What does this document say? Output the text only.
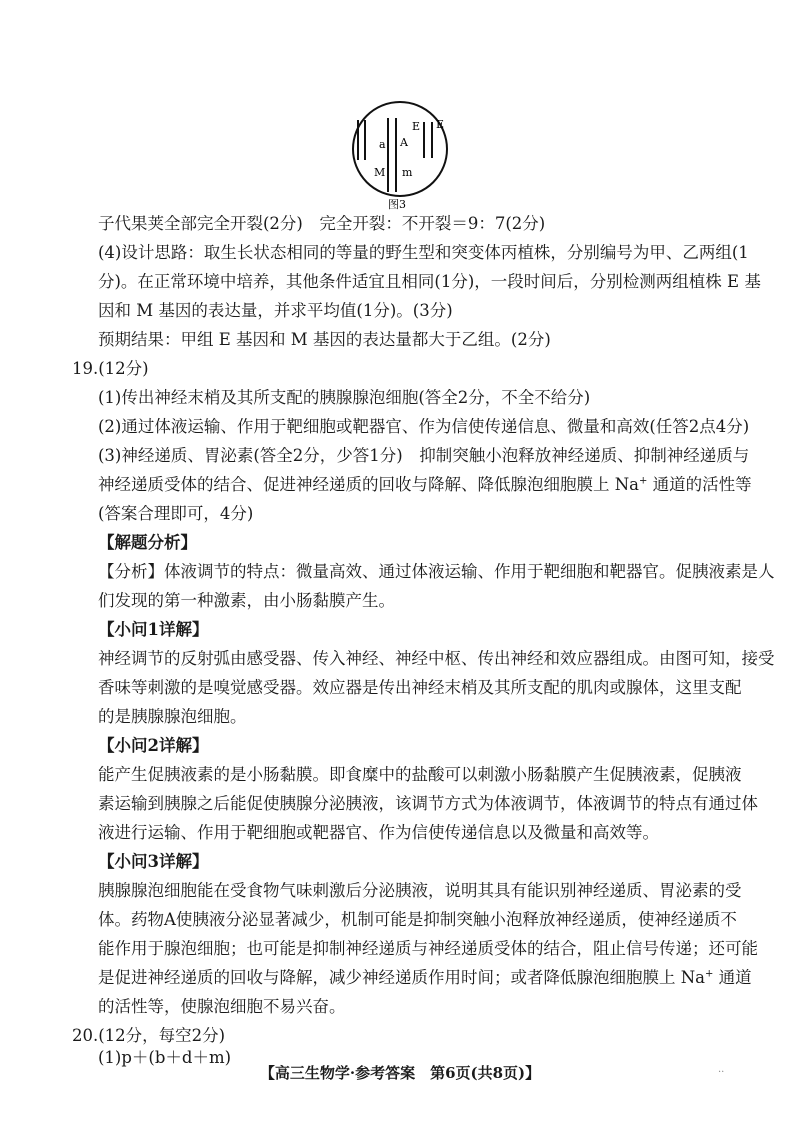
a A
E E
M m
图3
子代果荚全部完全开裂(2分)　完全开裂：不开裂＝9：7(2分)
(4)设计思路：取生长状态相同的等量的野生型和突变体丙植株，分别编号为甲、乙两组(1
分)。在正常环境中培养，其他条件适宜且相同(1分)，一段时间后，分别检测两组植株 E 基
因和 M 基因的表达量，并求平均值(1分)。(3分)
预期结果：甲组 E 基因和 M 基因的表达量都大于乙组。(2分)
19.(12分)
(1)传出神经末梢及其所支配的胰腺腺泡细胞(答全2分，不全不给分)
(2)通过体液运输、作用于靶细胞或靶器官、作为信使传递信息、微量和高效(任答2点4分)
(3)神经递质、胃泌素(答全2分，少答1分)　抑制突触小泡释放神经递质、抑制神经递质与
神经递质受体的结合、促进神经递质的回收与降解、降低腺泡细胞膜上 Na+ 通道的活性等
(答案合理即可，4分)
【解题分析】
【分析】体液调节的特点：微量高效、通过体液运输、作用于靶细胞和靶器官。促胰液素是人
们发现的第一种激素，由小肠黏膜产生。
【小问1详解】
神经调节的反射弧由感受器、传入神经、神经中枢、传出神经和效应器组成。由图可知，接受
香味等刺激的是嗅觉感受器。效应器是传出神经末梢及其所支配的肌肉或腺体，这里支配
的是胰腺腺泡细胞。
【小问2详解】
能产生促胰液素的是小肠黏膜。即食糜中的盐酸可以刺激小肠黏膜产生促胰液素，促胰液
素运输到胰腺之后能促使胰腺分泌胰液，该调节方式为体液调节，体液调节的特点有通过体
液进行运输、作用于靶细胞或靶器官、作为信使传递信息以及微量和高效等。
【小问3详解】
胰腺腺泡细胞能在受食物气味刺激后分泌胰液，说明其具有能识别神经递质、胃泌素的受
体。药物A使胰液分泌显著减少，机制可能是抑制突触小泡释放神经递质，使神经递质不
能作用于腺泡细胞；也可能是抑制神经递质与神经递质受体的结合，阻止信号传递；还可能
是促进神经递质的回收与降解，减少神经递质作用时间；或者降低腺泡细胞膜上 Na+ 通道
的活性等，使腺泡细胞不易兴奋。
20.(12分，每空2分)
(1)p＋(b＋d＋m)
【高三生物学·参考答案　第6页(共8页)】	..
